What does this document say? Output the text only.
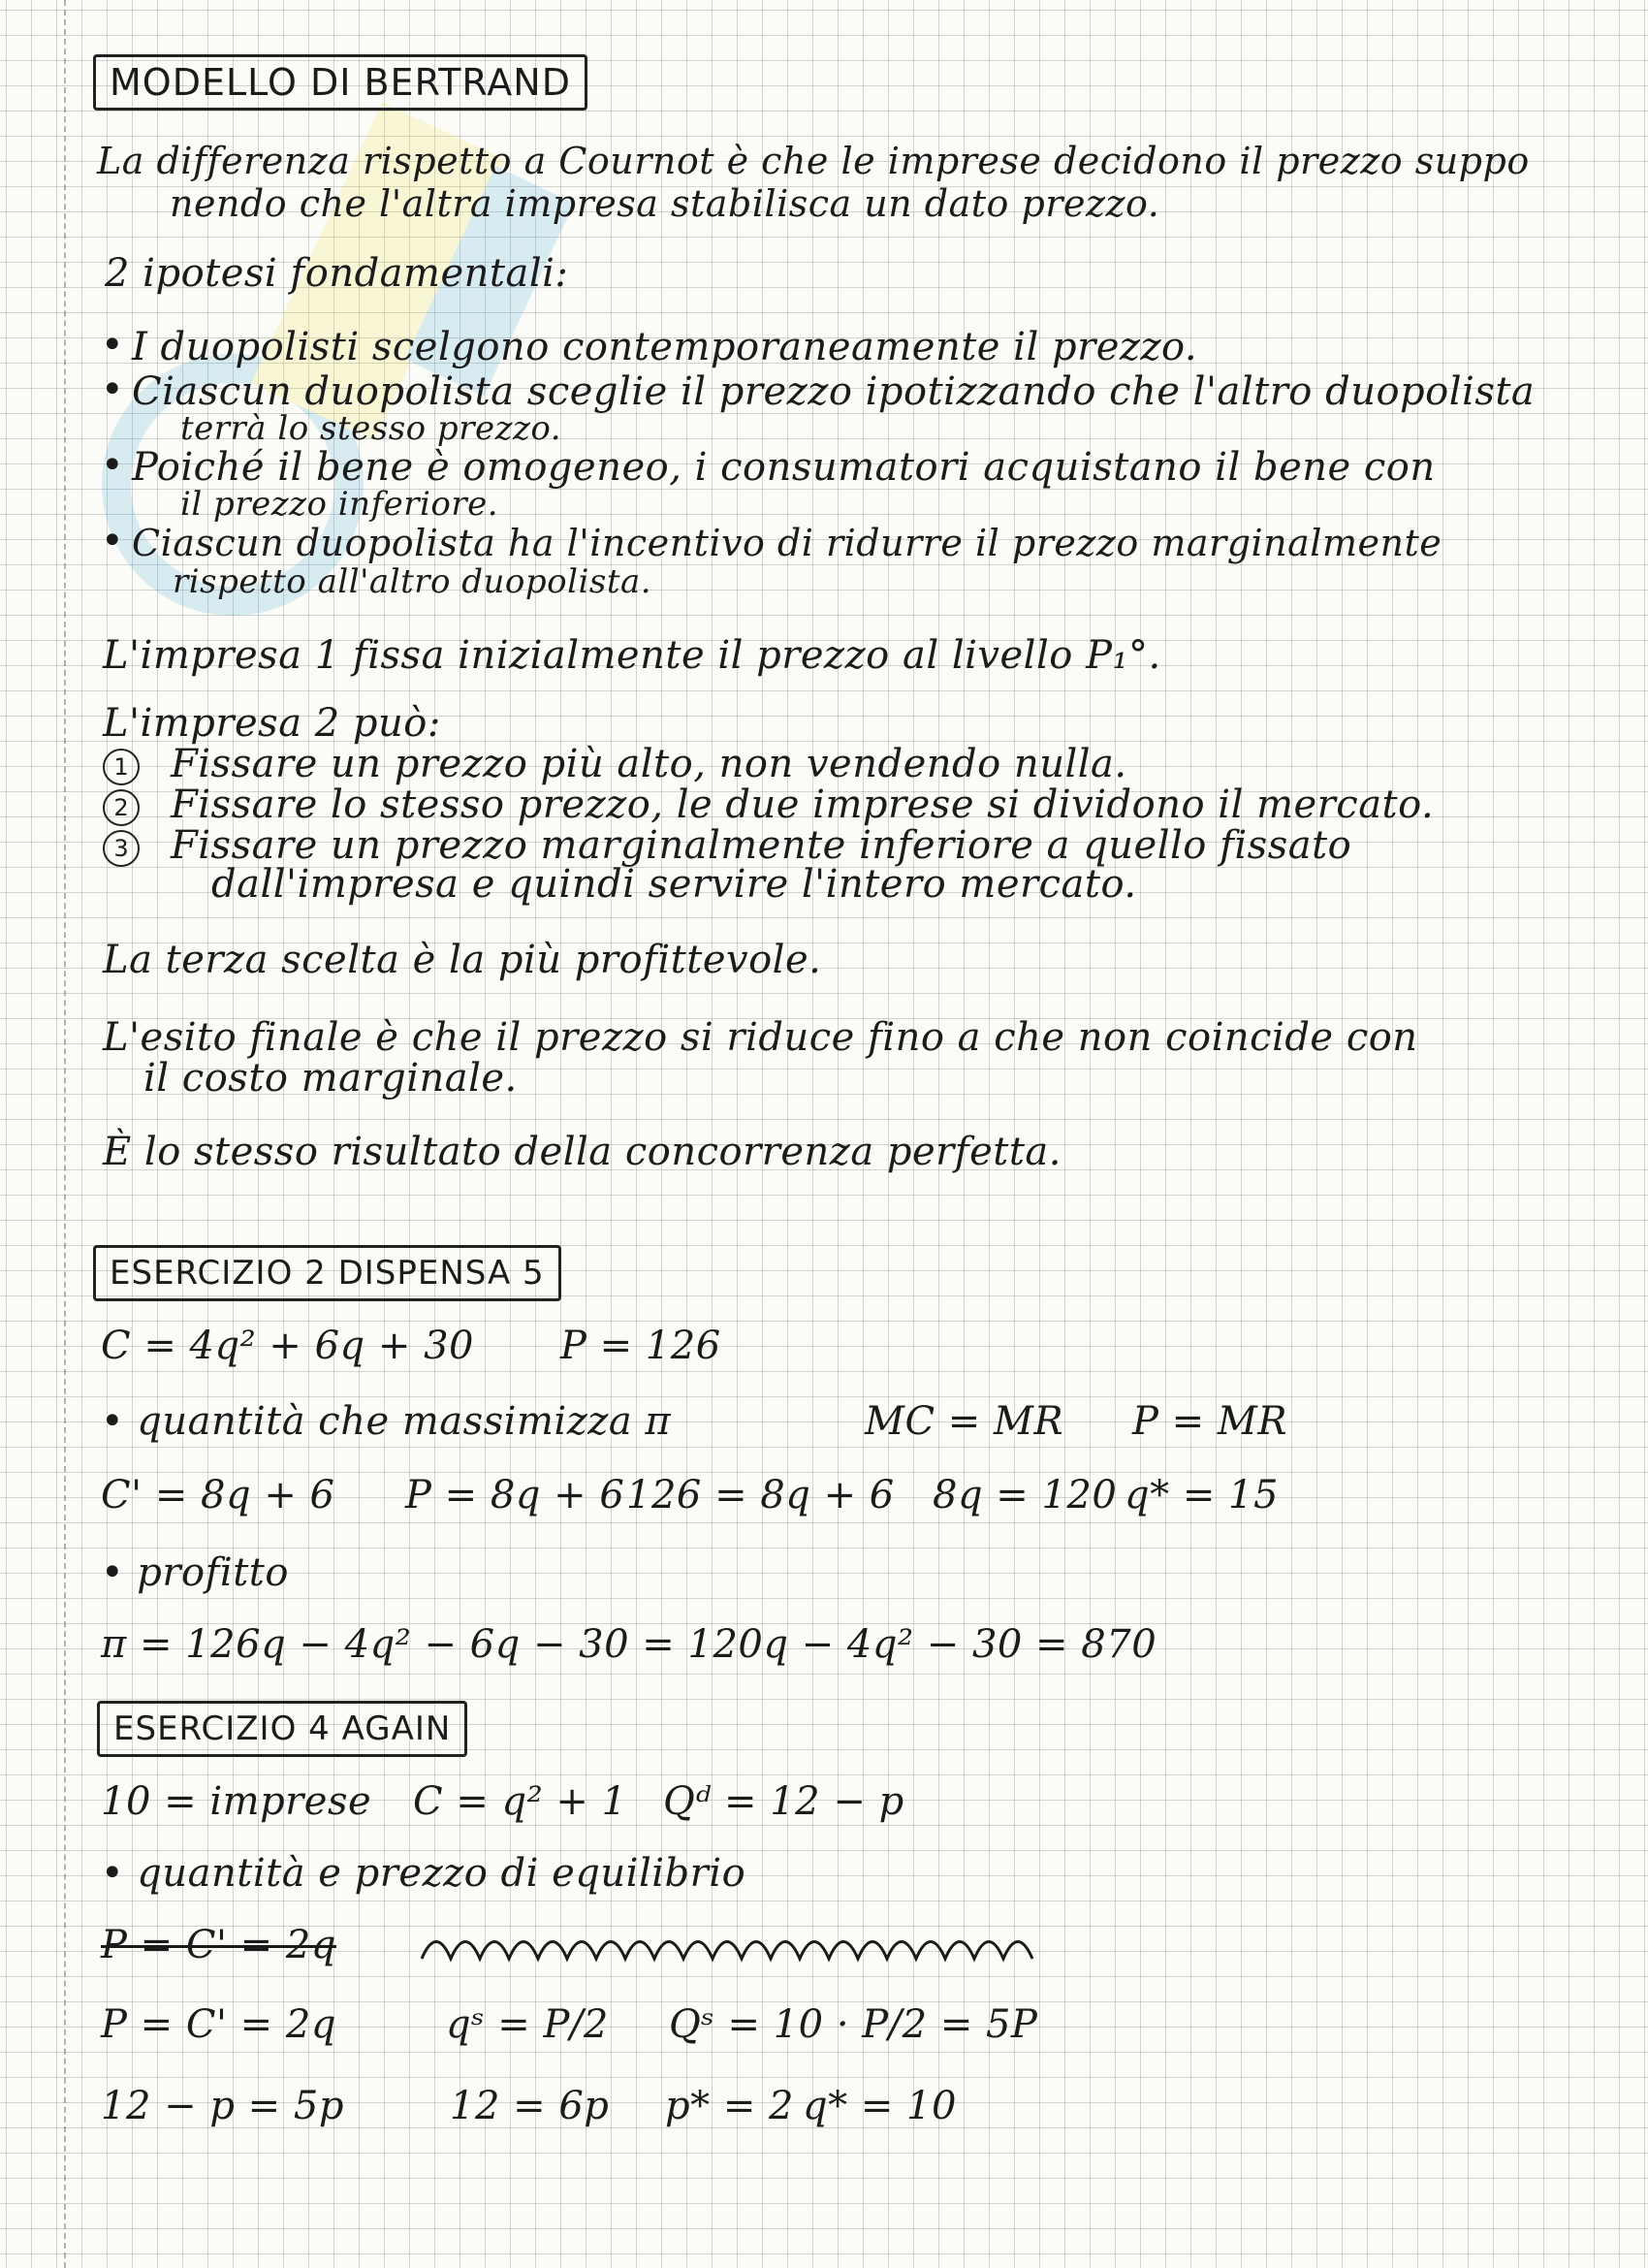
MODELLO DI BERTRAND
La differenza rispetto a Cournot è che le imprese decidono il prezzo suppo
nendo che l'altra impresa stabilisca un dato prezzo.
2 ipotesi fondamentali:
• I duopolisti scelgono contemporaneamente il prezzo.
• Ciascun duopolista sceglie il prezzo ipotizzando che l'altro duopolista
terrà lo stesso prezzo.
• Poiché il bene è omogeneo, i consumatori acquistano il bene con
il prezzo inferiore.
• Ciascun duopolista ha l'incentivo di ridurre il prezzo marginalmente
rispetto all'altro duopolista.
L'impresa 1 fissa inizialmente il prezzo al livello P₁°.
L'impresa 2 può:
1 Fissare un prezzo più alto, non vendendo nulla.
2 Fissare lo stesso prezzo, le due imprese si dividono il mercato.
3 Fissare un prezzo marginalmente inferiore a quello fissato
dall'impresa e quindi servire l'intero mercato.
La terza scelta è la più profittevole.
L'esito finale è che il prezzo si riduce fino a che non coincide con
il costo marginale.
È lo stesso risultato della concorrenza perfetta.
ESERCIZIO 2 DISPENSA 5
C = 4q² + 6q + 30 P = 126
• quantità che massimizza π	MC = MR P = MR
C' = 8q + 6 P = 8q + 6 126 = 8q + 6 8q = 120 q* = 15
• profitto
π = 126q − 4q² − 6q − 30 = 120q − 4q² − 30 = 870
ESERCIZIO 4 AGAIN
10 = imprese C = q² + 1 Qᵈ = 12 − p
• quantità e prezzo di equilibrio
P = C' = 2q
P = C' = 2q	qˢ = P/2 Qˢ = 10 · P/2 = 5P
12 − p = 5p	12 = 6p p* = 2 q* = 10
